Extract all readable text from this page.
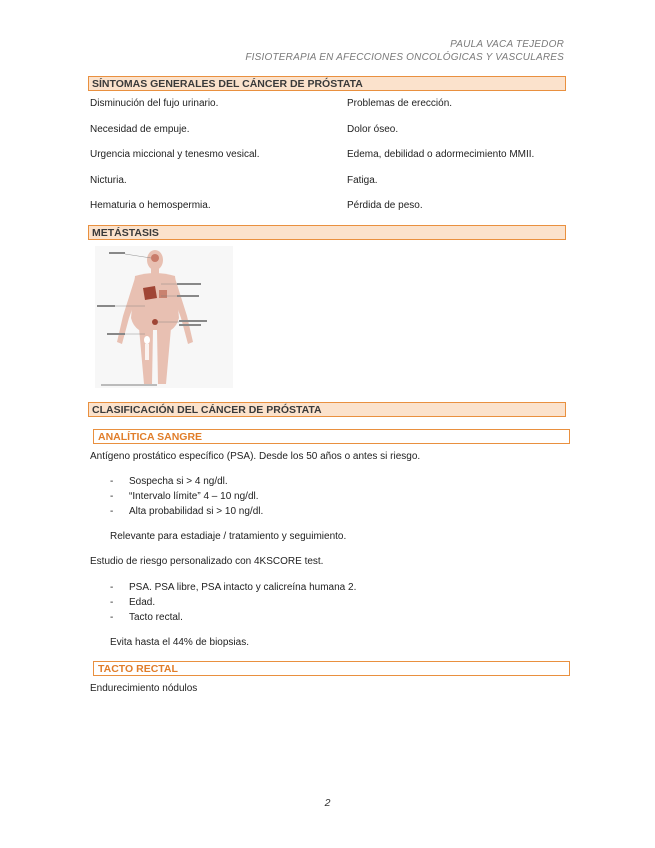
PAULA VACA TEJEDOR
FISIOTERAPIA EN AFECCIONES ONCOLÓGICAS Y VASCULARES
SÍNTOMAS GENERALES DEL CÁNCER DE PRÓSTATA
Disminución del fujo urinario.
Necesidad de empuje.
Urgencia miccional y tenesmo vesical.
Nicturia.
Hematuria o hemospermia.
Problemas de erección.
Dolor óseo.
Edema, debilidad o adormecimiento MMII.
Fatiga.
Pérdida de peso.
METÁSTASIS
CLASIFICACIÓN DEL CÁNCER DE PRÓSTATA
ANALÍTICA SANGRE
Antígeno prostático específico (PSA). Desde los 50 años o antes si riesgo.
- Sospecha si > 4 ng/dl.
- “Intervalo límite” 4 – 10 ng/dl.
- Alta probabilidad si > 10 ng/dl.
Relevante para estadiaje / tratamiento y seguimiento.
Estudio de riesgo personalizado con 4KSCORE test.
- PSA. PSA libre, PSA intacto y calicreína humana 2.
- Edad.
- Tacto rectal.
Evita hasta el 44% de biopsias.
TACTO RECTAL
Endurecimiento nódulos
2
